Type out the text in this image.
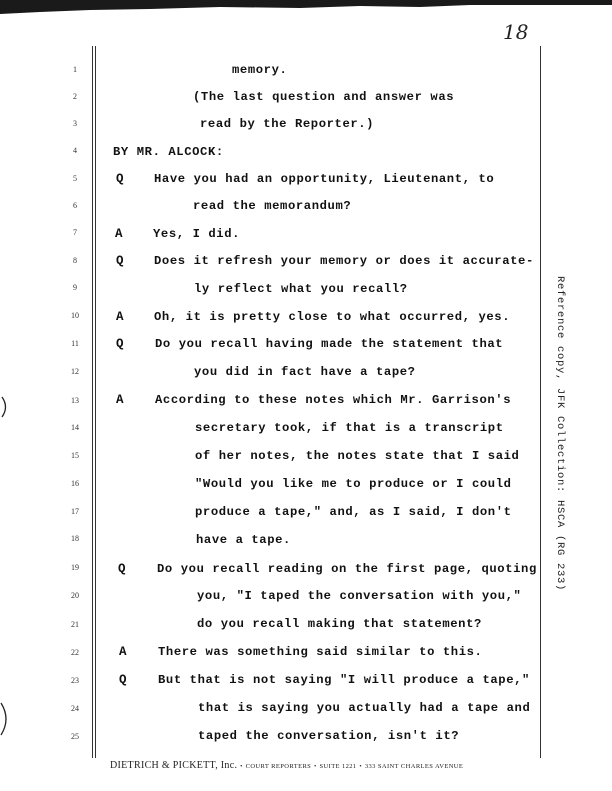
18
1	memory.
2	(The last question and answer was
3	read by the Reporter.)
4	BY MR. ALCOCK:
5	Q Have you had an opportunity, Lieutenant, to
6	read the memorandum?
7	A Yes, I did.
8	Q Does it refresh your memory or does it accurate-
9	ly reflect what you recall?
10	A Oh, it is pretty close to what occurred, yes.
11	Q	Do you recall having made the statement that
12	you did in fact have a tape?
13	A	According to these notes which Mr. Garrison's
14	secretary took, if that is a transcript
15	of her notes, the notes state that I said
16	"Would you like me to produce or I could
17	produce a tape," and, as I said, I don't
18	have a tape.
19	Q	Do you recall reading on the first page, quoting
20	you, "I taped the conversation with you,"
21	do you recall making that statement?
22	A	There was something said similar to this.
23	Q	But that is not saying "I will produce a tape,"
24	that is saying you actually had a tape and
25	taped the conversation, isn't it?
DIETRICH & PICKETT, Inc. • COURT REPORTERS • SUITE 1221 • 333 SAINT CHARLES AVENUE
Reference copy, JFK Collection: HSCA (RG 233)
